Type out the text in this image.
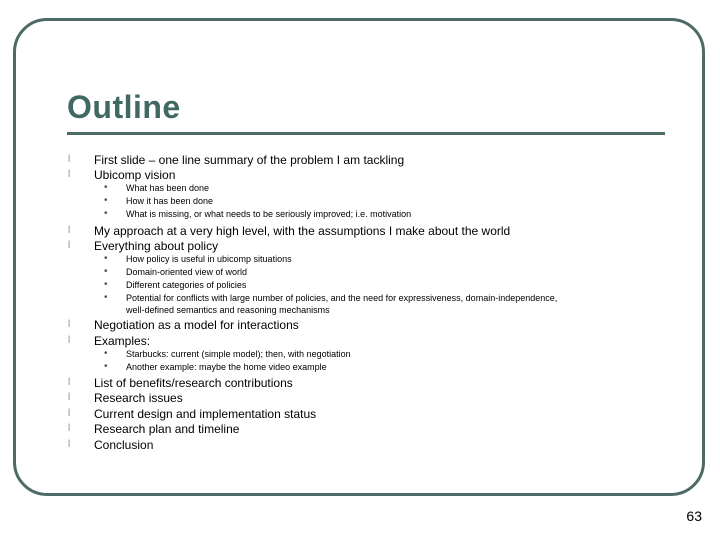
Outline
l First slide – one line summary of the problem I am tackling
l Ubicomp vision
• What has been done
• How it has been done
• What is missing, or what needs to be seriously improved; i.e. motivation
l My approach at a very high level, with the assumptions I make about the world
l Everything about policy
• How policy is useful in ubicomp situations
• Domain-oriented view of world
• Different categories of policies
• Potential for conflicts with large number of policies, and the need for expressiveness, domain-independence,
well-defined semantics and reasoning mechanisms
l Negotiation as a model for interactions
l Examples:
• Starbucks: current (simple model); then, with negotiation
• Another example: maybe the home video example
l List of benefits/research contributions
l Research issues
l Current design and implementation status
l Research plan and timeline
l Conclusion
63
